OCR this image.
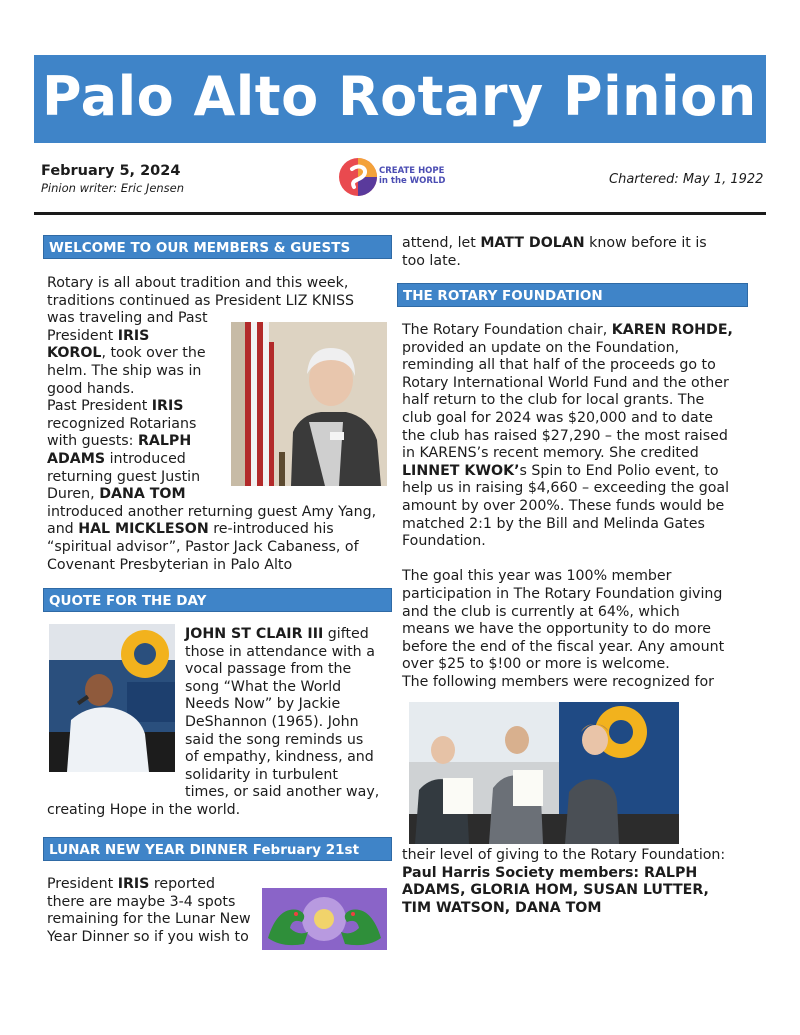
Palo Alto Rotary Pinion
February 5, 2024
Pinion writer: Eric Jensen
CREATE HOPE
in the WORLD	Chartered: May 1, 1922
WELCOME TO OUR MEMBERS & GUESTS

Rotary is all about tradition and this week,

traditions continued as President LIZ KNISS

was traveling and Past

President IRIS

KOROL, took over the

helm. The ship was in

good hands.

Past President IRIS

recognized Rotarians

with guests: RALPH

ADAMS introduced

returning guest Justin

Duren, DANA TOM

introduced another returning guest Amy Yang,

and HAL MICKLESON re-introduced his

“spiritual advisor”, Pastor Jack Cabaness, of

Covenant Presbyterian in Palo Alto

QUOTE FOR THE DAY

JOHN ST CLAIR III gifted

those in attendance with a

vocal passage from the

song “What the World

Needs Now” by Jackie

DeShannon (1965). John

said the song reminds us

of empathy, kindness, and

solidarity in turbulent

times, or said another way,

creating Hope in the world.

LUNAR NEW YEAR DINNER February 21st

President IRIS reported

there are maybe 3-4 spots

remaining for the Lunar New

Year Dinner so if you wish to

attend, let MATT DOLAN know before it is

too late.

THE ROTARY FOUNDATION

The Rotary Foundation chair, KAREN ROHDE,

provided an update on the Foundation,

reminding all that half of the proceeds go to

Rotary International World Fund and the other

half return to the club for local grants. The

club goal for 2024 was $20,000 and to date

the club has raised $27,290 – the most raised

in KARENS’s recent memory. She credited

LINNET KWOK’s Spin to End Polio event, to

help us in raising $4,660 – exceeding the goal

amount by over 200%. These funds would be

matched 2:1 by the Bill and Melinda Gates

Foundation.

The goal this year was 100% member

participation in The Rotary Foundation giving

and the club is currently at 64%, which

means we have the opportunity to do more

before the end of the fiscal year. Any amount

over $25 to $!00 or more is welcome.

The following members were recognized for

their level of giving to the Rotary Foundation:

Paul Harris Society members: RALPH

ADAMS, GLORIA HOM, SUSAN LUTTER,

TIM WATSON, DANA TOM
